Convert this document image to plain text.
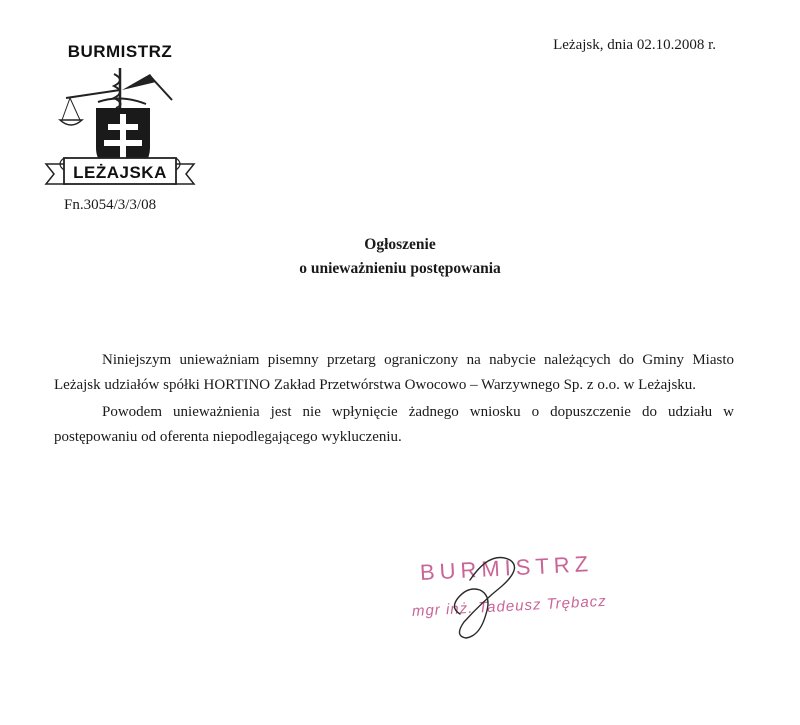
BURMISTRZ
LEŻAJSKA
Fn.3054/3/3/08
Leżajsk, dnia 02.10.2008 r.
Ogłoszenie
o unieważnieniu postępowania

Niniejszym unieważniam pisemny przetarg ograniczony na nabycie należących do Gminy Miasto Leżajsk udziałów spółki HORTINO Zakład Przetwórstwa Owocowo – Warzywnego Sp. z o.o. w Leżajsku.

Powodem unieważnienia jest nie wpłynięcie żadnego wniosku o dopuszczenie do udziału w postępowaniu od oferenta niepodlegającego wykluczeniu.

BURMISTRZ
mgr inż. Tadeusz Trębacz
